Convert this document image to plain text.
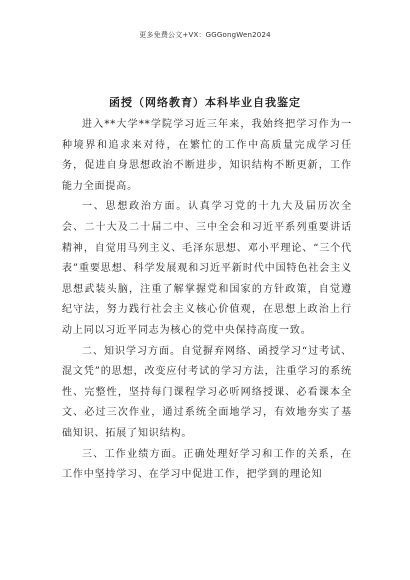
更多免费公文+VX：GGGongWen2024
函授（网络教育）本科毕业自我鉴定

进入**大学**学院学习近三年来，我始终把学习作为一种境界和追求来对待，在繁忙的工作中高质量完成学习任务，促进自身思想政治不断进步，知识结构不断更新，工作能力全面提高。

一、思想政治方面。认真学习党的十九大及届历次全会、二十大及二十届二中、三中全会和习近平系列重要讲话精神，自觉用马列主义、毛泽东思想、邓小平理论、“三个代表”重要思想、科学发展观和习近平新时代中国特色社会主义思想武装头脑，注重了解掌握党和国家的方针政策，自觉遵纪守法，努力践行社会主义核心价值观，在思想上政治上行动上同以习近平同志为核心的党中央保持高度一致。

二、知识学习方面。自觉摒弃网络、函授学习“过考试、混文凭”的思想，改变应付考试的学习方法，注重学习的系统性、完整性，坚持每门课程学习必听网络授课、必看课本全文、必过三次作业，通过系统全面地学习，有效地夯实了基础知识、拓展了知识结构。

三、工作业绩方面。正确处理好学习和工作的关系，在工作中坚持学习、在学习中促进工作，把学到的理论知
